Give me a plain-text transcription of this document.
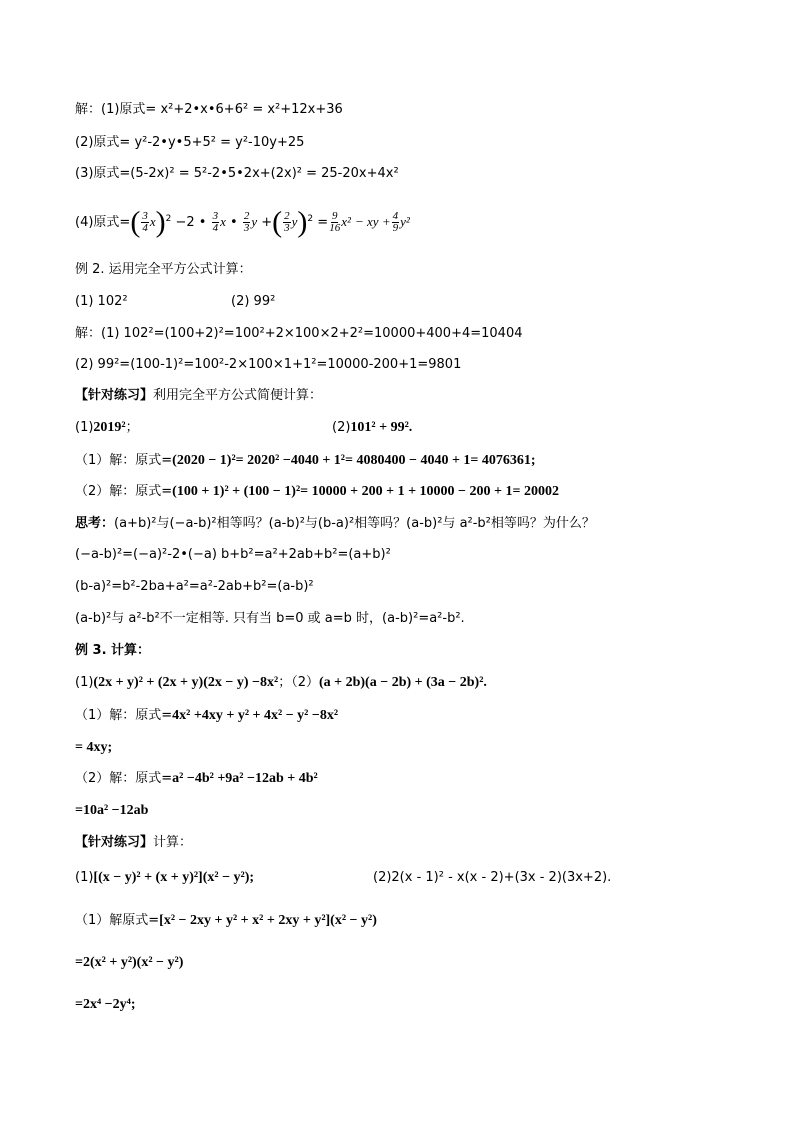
解：(1)原式= x²+2•x•6+6² = x²+12x+36
(2)原式= y²-2•y•5+5² = y²-10y+25
(3)原式=(5-2x)² = 5²-2•5•2x+(2x)² = 25-20x+4x²
(4)原式=( $\frac{3}{4} x)^2 -2$ • $\frac{3}{4}$ x • $\frac{2}{3}$ y +( $\frac{2}{3} y)^2 = \frac{9}{16} x^2$ − xy + $\frac{4}{9} y^2$
例 2. 运用完全平方公式计算：
(1) 102²	(2) 99²
解：(1) 102²=(100+2)²=100²+2×100×2+2²=10000+400+4=10404
(2) 99²=(100-1)²=100²-2×100×1+1²=10000-200+1=9801
【针对练习】利用完全平方公式简便计算：
(1)2019²；	(2)101² + 99².
（1）解：原式=(2020 − 1)²= 2020² −4040 + 1²= 4080400 − 4040 + 1= 4076361;
（2）解：原式=(100 + 1)² + (100 − 1)²= 10000 + 200 + 1 + 10000 − 200 + 1= 20002
思考：(a+b)²与(−a-b)²相等吗？(a-b)²与(b-a)²相等吗？(a-b)²与 a²-b²相等吗？为什么？
(−a-b)²=(−a)²-2•(−a) b+b²=a²+2ab+b²=(a+b)²
(b-a)²=b²-2ba+a²=a²-2ab+b²=(a-b)²
(a-b)²与 a²-b²不一定相等. 只有当 b=0 或 a=b 时，(a-b)²=a²-b².
例 3. 计算：
(1)(2x + y)² + (2x + y)(2x − y) −8x²；（2）(a + 2b)(a − 2b) + (3a − 2b)².
（1）解：原式=4x² +4xy + y² + 4x² − y² −8x²
= 4xy;
（2）解：原式=a² −4b² +9a² −12ab + 4b²
=10a² −12ab
【针对练习】计算：
(1)[(x − y)² + (x + y)²](x² − y²);	(2)2(x - 1)² - x(x - 2)+(3x - 2)(3x+2).
（1）解原式=[x² − 2xy + y² + x² + 2xy + y²](x² − y²)
=2(x² + y²)(x² − y²)
=2x⁴ −2y⁴;
